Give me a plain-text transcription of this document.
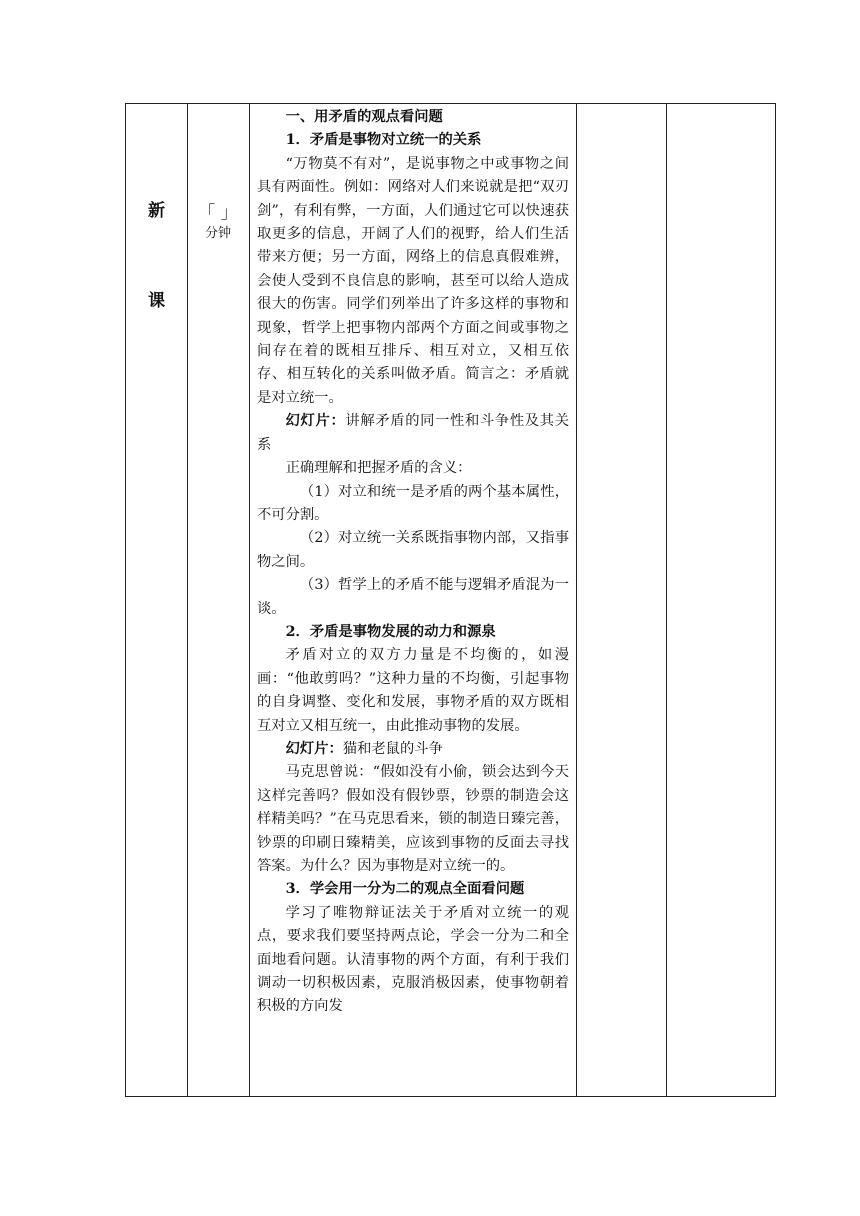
新
课
「 」
分钟

一、用矛盾的观点看问题

1．矛盾是事物对立统一的关系

“万物莫不有对”，是说事物之中或事物之间具有两面性。例如：网络对人们来说就是把“双刃剑”，有利有弊，一方面，人们通过它可以快速获取更多的信息，开阔了人们的视野，给人们生活带来方便；另一方面，网络上的信息真假难辨，会使人受到不良信息的影响，甚至可以给人造成很大的伤害。同学们列举出了许多这样的事物和现象，哲学上把事物内部两个方面之间或事物之间存在着的既相互排斥、相互对立，又相互依存、相互转化的关系叫做矛盾。简言之：矛盾就是对立统一。

幻灯片：讲解矛盾的同一性和斗争性及其关系

正确理解和把握矛盾的含义：

（1）对立和统一是矛盾的两个基本属性，不可分割。

（2）对立统一关系既指事物内部，又指事物之间。

（3）哲学上的矛盾不能与逻辑矛盾混为一谈。

2．矛盾是事物发展的动力和源泉

矛盾对立的双方力量是不均衡的，如漫画：“他敢剪吗？”这种力量的不均衡，引起事物的自身调整、变化和发展，事物矛盾的双方既相互对立又相互统一，由此推动事物的发展。

幻灯片：猫和老鼠的斗争

马克思曾说：“假如没有小偷，锁会达到今天这样完善吗？假如没有假钞票，钞票的制造会这样精美吗？”在马克思看来，锁的制造日臻完善，钞票的印刷日臻精美，应该到事物的反面去寻找答案。为什么？因为事物是对立统一的。

3．学会用一分为二的观点全面看问题

学习了唯物辩证法关于矛盾对立统一的观点，要求我们要坚持两点论，学会一分为二和全面地看问题。认清事物的两个方面，有利于我们调动一切积极因素，克服消极因素，使事物朝着积极的方向发
